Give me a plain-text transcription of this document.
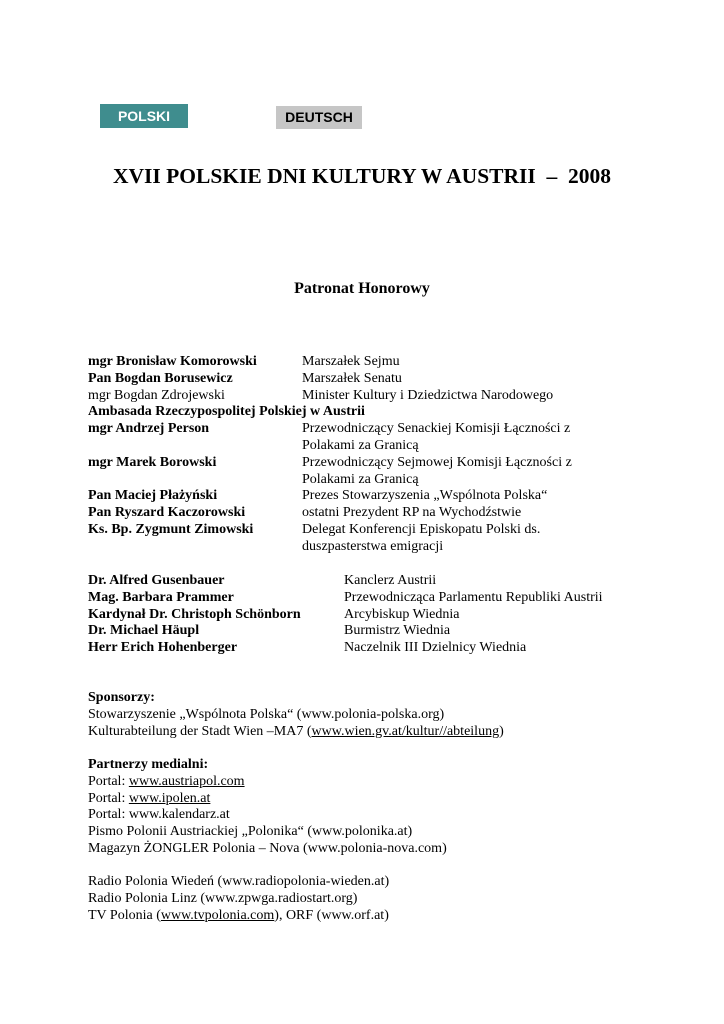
POLSKI	DEUTSCH
XVII POLSKIE DNI KULTURY W AUSTRII  –  2008
Patronat Honorowy
mgr Bronisław Komorowski	Marszałek Sejmu
Pan Bogdan Borusewicz	Marszałek Senatu
mgr Bogdan Zdrojewski	Minister Kultury i Dziedzictwa Narodowego
Ambasada Rzeczypospolitej Polskiej w Austrii
mgr Andrzej Person	Przewodniczący Senackiej Komisji Łączności z
Polakami za Granicą
mgr Marek Borowski	Przewodniczący Sejmowej Komisji Łączności z
Polakami za Granicą
Pan Maciej Płażyński	Prezes Stowarzyszenia „Wspólnota Polska“
Pan Ryszard Kaczorowski	ostatni Prezydent RP na Wychodźstwie
Ks. Bp. Zygmunt Zimowski	Delegat Konferencji Episkopatu Polski ds.
duszpasterstwa emigracji
Dr. Alfred Gusenbauer	Kanclerz Austrii
Mag. Barbara Prammer	Przewodnicząca Parlamentu Republiki Austrii
Kardynał Dr. Christoph Schönborn	Arcybiskup Wiednia
Dr. Michael Häupl	Burmistrz Wiednia
Herr Erich Hohenberger	Naczelnik III Dzielnicy Wiednia
Sponsorzy:
Stowarzyszenie „Wspólnota Polska“ (www.polonia-polska.org)
Kulturabteilung der Stadt Wien –MA7 (www.wien.gv.at/kultur//abteilung)
Partnerzy medialni:
Portal: www.austriapol.com
Portal: www.ipolen.at
Portal: www.kalendarz.at
Pismo Polonii Austriackiej „Polonika“ (www.polonika.at)
Magazyn ŻONGLER Polonia – Nova (www.polonia-nova.com)
Radio Polonia Wiedeń (www.radiopolonia-wieden.at)
Radio Polonia Linz (www.zpwga.radiostart.org)
TV Polonia (www.tvpolonia.com), ORF (www.orf.at)
